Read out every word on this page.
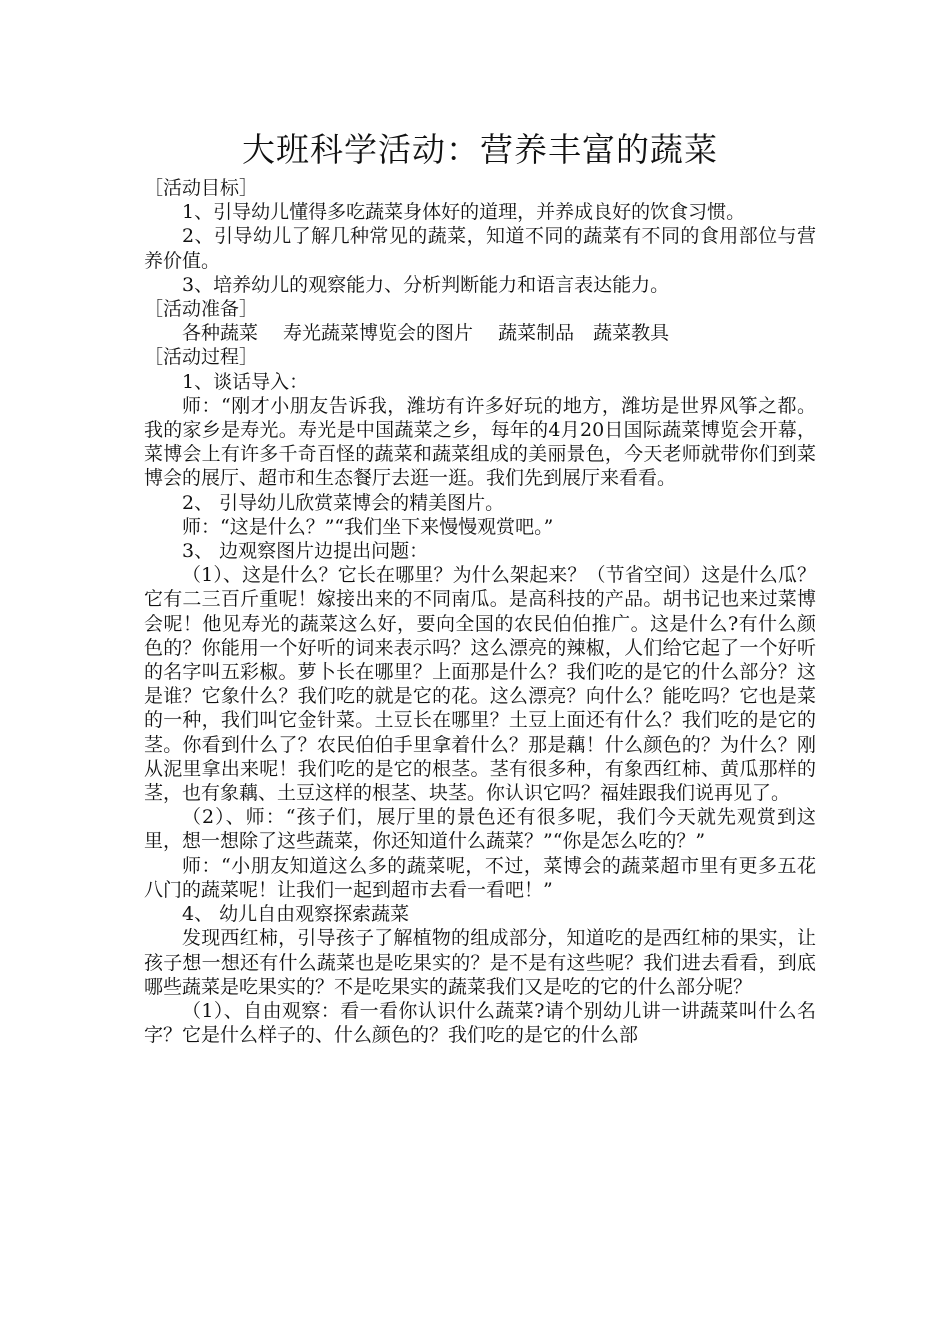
大班科学活动：营养丰富的蔬菜

［活动目标］

1、引导幼儿懂得多吃蔬菜身体好的道理，并养成良好的饮食习惯。

2、引导幼儿了解几种常见的蔬菜，知道不同的蔬菜有不同的食用部位与营养价值。

3、培养幼儿的观察能力、分析判断能力和语言表达能力。

［活动准备］

各种蔬菜　 寿光蔬菜博览会的图片　 蔬菜制品　蔬菜教具

［活动过程］

1、谈话导入：

师：“刚才小朋友告诉我，潍坊有许多好玩的地方，潍坊是世界风筝之都。我的家乡是寿光。寿光是中国蔬菜之乡，每年的4月20日国际蔬菜博览会开幕，菜博会上有许多千奇百怪的蔬菜和蔬菜组成的美丽景色，今天老师就带你们到菜博会的展厅、超市和生态餐厅去逛一逛。我们先到展厅来看看。

2、 引导幼儿欣赏菜博会的精美图片。

师：“这是什么？”“我们坐下来慢慢观赏吧。”

3、 边观察图片边提出问题：

（1）、这是什么？它长在哪里？为什么架起来？（节省空间）这是什么瓜？它有二三百斤重呢！嫁接出来的不同南瓜。是高科技的产品。胡书记也来过菜博会呢！他见寿光的蔬菜这么好，要向全国的农民伯伯推广。这是什么?有什么颜色的？你能用一个好听的词来表示吗？这么漂亮的辣椒，人们给它起了一个好听的名字叫五彩椒。萝卜长在哪里？上面那是什么？我们吃的是它的什么部分？这是谁？它象什么？我们吃的就是它的花。这么漂亮？向什么？能吃吗？它也是菜的一种，我们叫它金针菜。土豆长在哪里？土豆上面还有什么？我们吃的是它的茎。你看到什么了？农民伯伯手里拿着什么？那是藕！什么颜色的？为什么？刚从泥里拿出来呢！我们吃的是它的根茎。茎有很多种，有象西红柿、黄瓜那样的茎，也有象藕、土豆这样的根茎、块茎。你认识它吗？福娃跟我们说再见了。

（2）、师：“孩子们，展厅里的景色还有很多呢，我们今天就先观赏到这里，想一想除了这些蔬菜，你还知道什么蔬菜？”“你是怎么吃的？”

师：“小朋友知道这么多的蔬菜呢，不过，菜博会的蔬菜超市里有更多五花八门的蔬菜呢！让我们一起到超市去看一看吧！”

4、 幼儿自由观察探索蔬菜

发现西红柿，引导孩子了解植物的组成部分，知道吃的是西红柿的果实，让孩子想一想还有什么蔬菜也是吃果实的？是不是有这些呢？我们进去看看，到底哪些蔬菜是吃果实的？不是吃果实的蔬菜我们又是吃的它的什么部分呢？

（1）、自由观察：看一看你认识什么蔬菜?请个别幼儿讲一讲蔬菜叫什么名字？它是什么样子的、什么颜色的？我们吃的是它的什么部
